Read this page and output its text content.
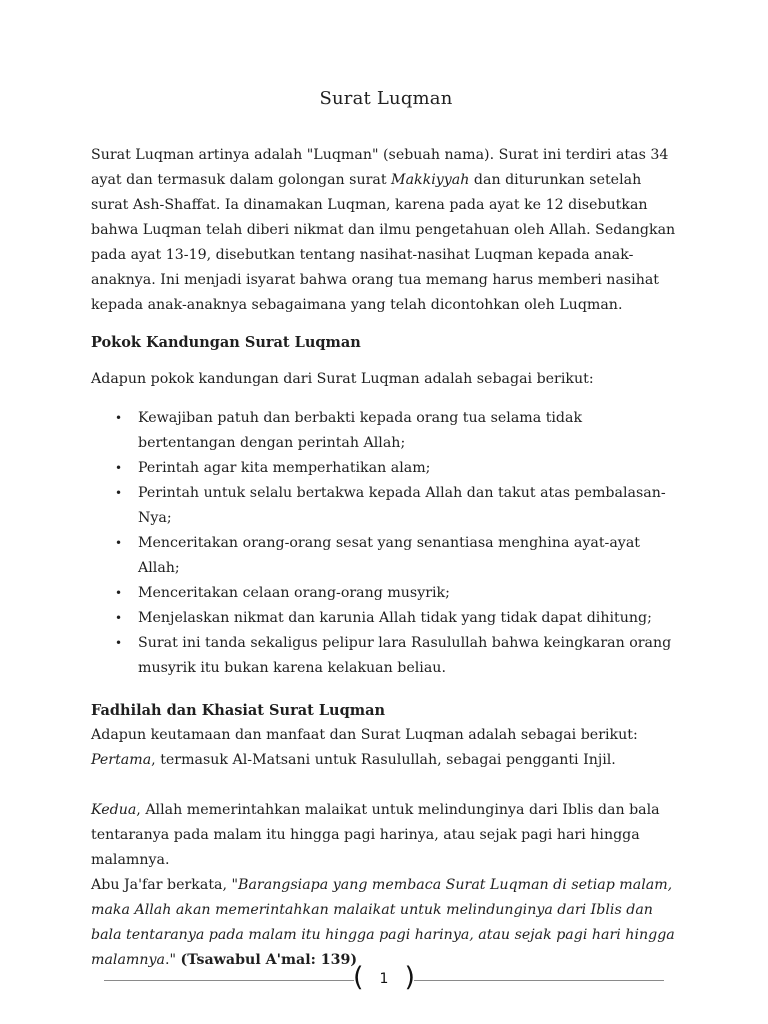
Surat Luqman

Surat Luqman artinya adalah "Luqman" (sebuah nama). Surat ini terdiri atas 34 ayat dan termasuk dalam golongan surat Makkiyyah dan diturunkan setelah surat Ash-Shaffat. Ia dinamakan Luqman, karena pada ayat ke 12 disebutkan bahwa Luqman telah diberi nikmat dan ilmu pengetahuan oleh Allah. Sedangkan pada ayat 13-19, disebutkan tentang nasihat-nasihat Luqman kepada anak-anaknya. Ini menjadi isyarat bahwa orang tua memang harus memberi nasihat kepada anak-anaknya sebagaimana yang telah dicontohkan oleh Luqman.

Pokok Kandungan Surat Luqman

Adapun pokok kandungan dari Surat Luqman adalah sebagai berikut:

• Kewajiban patuh dan berbakti kepada orang tua selama tidak bertentangan dengan perintah Allah;
• Perintah agar kita memperhatikan alam;
• Perintah untuk selalu bertakwa kepada Allah dan takut atas pembalasan-Nya;
• Menceritakan orang-orang sesat yang senantiasa menghina ayat-ayat Allah;
• Menceritakan celaan orang-orang musyrik;
• Menjelaskan nikmat dan karunia Allah tidak yang tidak dapat dihitung;
• Surat ini tanda sekaligus pelipur lara Rasulullah bahwa keingkaran orang musyrik itu bukan karena kelakuan beliau.

Fadhilah dan Khasiat Surat Luqman

Adapun keutamaan dan manfaat dan Surat Luqman adalah sebagai berikut:

Pertama, termasuk Al-Matsani untuk Rasulullah, sebagai pengganti Injil.

Kedua, Allah memerintahkan malaikat untuk melindunginya dari Iblis dan bala tentaranya pada malam itu hingga pagi harinya, atau sejak pagi hari hingga malamnya.

Abu Ja'far berkata, "Barangsiapa yang membaca Surat Luqman di setiap malam, maka Allah akan memerintahkan malaikat untuk melindunginya dari Iblis dan bala tentaranya pada malam itu hingga pagi harinya, atau sejak pagi hari hingga malamnya." (Tsawabul A'mal: 139)

(	1 )
